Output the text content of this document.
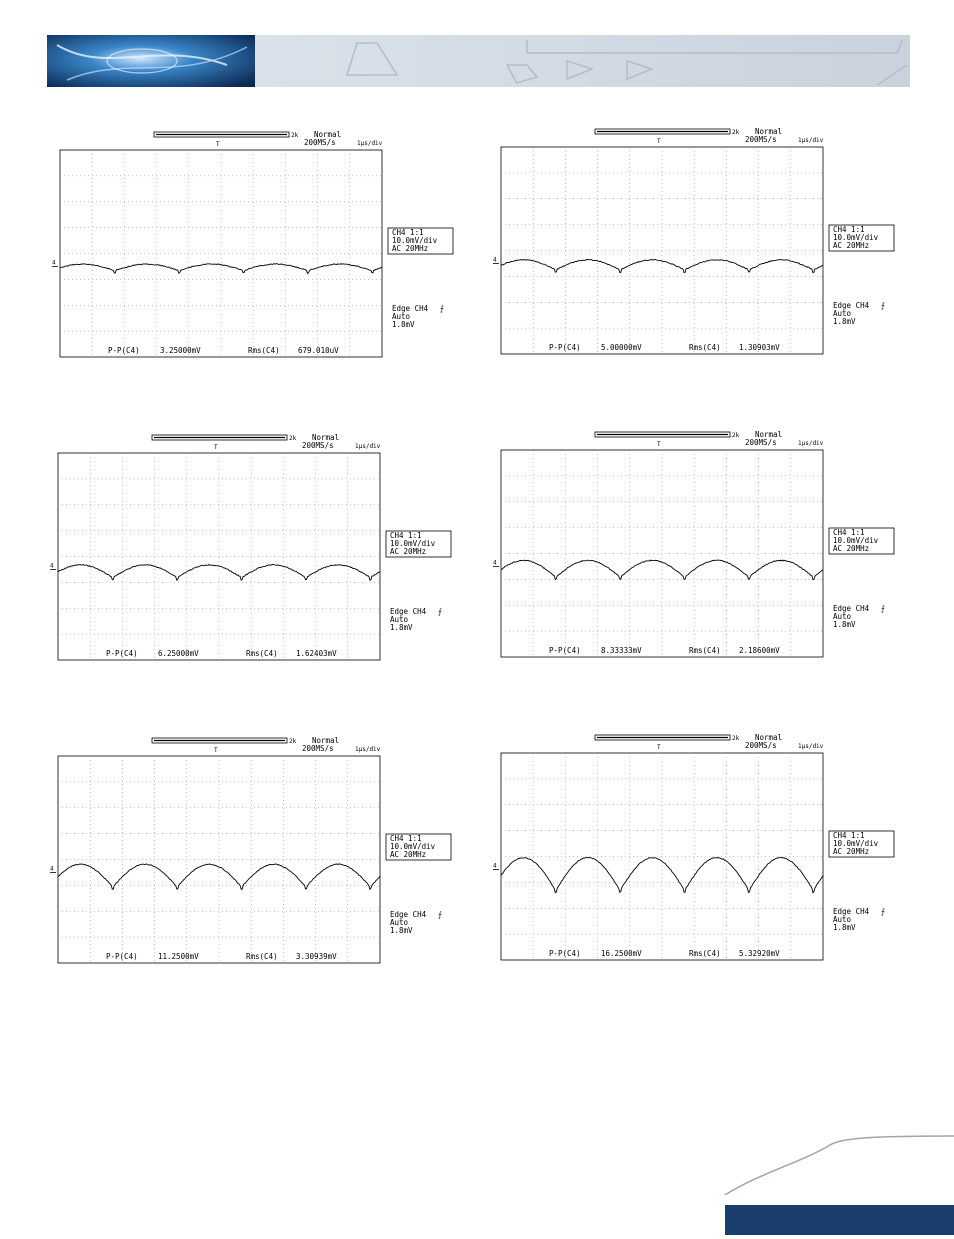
2k Normal
200MS/s	1µs/div
T
4
P-P(C4)	3.25000mV	Rms(C4) 679.010uV
CH4 1:1
10.0mV/div
AC 20MHz
Edge CH4 ⨍
Auto
1.8mV
2k Normal
200MS/s	1µs/div
T
4
P-P(C4)	5.00000mV	Rms(C4) 1.30903mV
CH4 1:1
10.0mV/div
AC 20MHz
Edge CH4 ⨍
Auto
1.8mV
2k Normal
200MS/s	1µs/div
T
4
P-P(C4)	6.25000mV	Rms(C4) 1.62403mV
CH4 1:1
10.0mV/div
AC 20MHz
Edge CH4 ⨍
Auto
1.8mV
2k Normal
200MS/s	1µs/div
T
4
P-P(C4)	8.33333mV	Rms(C4) 2.18600mV
CH4 1:1
10.0mV/div
AC 20MHz
Edge CH4 ⨍
Auto
1.8mV
2k Normal
200MS/s	1µs/div
T
4
P-P(C4)	11.2500mV	Rms(C4) 3.30939mV
CH4 1:1
10.0mV/div
AC 20MHz
Edge CH4 ⨍
Auto
1.8mV
2k Normal
200MS/s	1µs/div
T
4
P-P(C4)	16.2500mV	Rms(C4) 5.32920mV
CH4 1:1
10.0mV/div
AC 20MHz
Edge CH4 ⨍
Auto
1.8mV
